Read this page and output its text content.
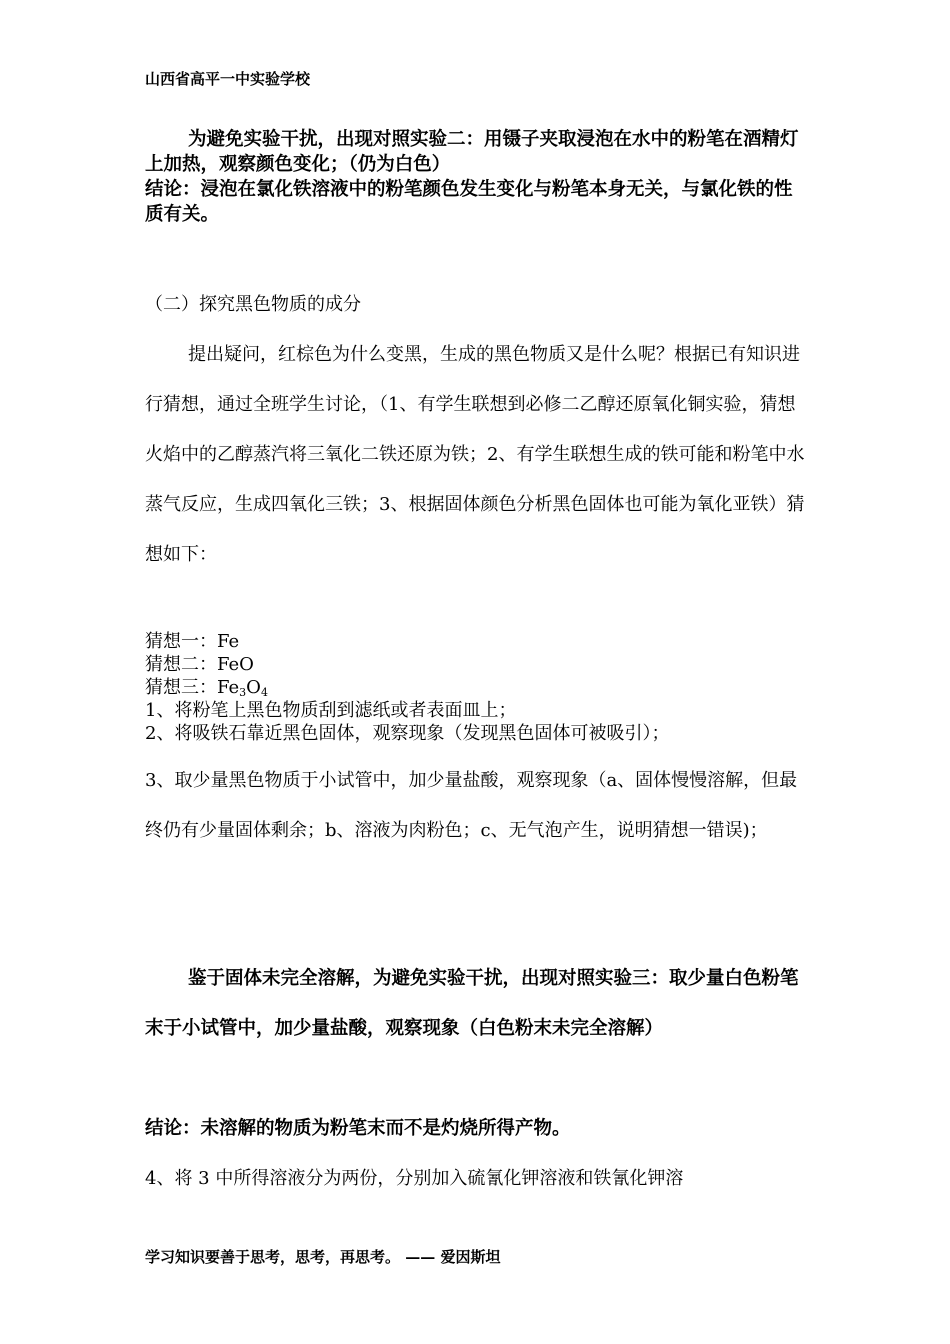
山西省高平一中实验学校

为避免实验干扰，出现对照实验二：用镊子夹取浸泡在水中的粉笔在酒精灯上加热，观察颜色变化；（仍为白色）

结论：浸泡在氯化铁溶液中的粉笔颜色发生变化与粉笔本身无关，与氯化铁的性质有关。

（二）探究黑色物质的成分
提出疑问，红棕色为什么变黑，生成的黑色物质又是什么呢？根据已有知识进行猜想，通过全班学生讨论，（1、有学生联想到必修二乙醇还原氧化铜实验，猜想火焰中的乙醇蒸汽将三氧化二铁还原为铁；2、有学生联想生成的铁可能和粉笔中水蒸气反应，生成四氧化三铁；3、根据固体颜色分析黑色固体也可能为氧化亚铁）猜想如下：

猜想一：Fe

猜想二：FeO

猜想三：$Fe_3O_4$

1、将粉笔上黑色物质刮到滤纸或者表面皿上；

2、将吸铁石靠近黑色固体，观察现象（发现黑色固体可被吸引）；

3、取少量黑色物质于小试管中，加少量盐酸，观察现象（a、固体慢慢溶解，但最终仍有少量固体剩余；b、溶液为肉粉色；c、无气泡产生，说明猜想一错误)；
鉴于固体未完全溶解，为避免实验干扰，出现对照实验三：取少量白色粉笔末于小试管中，加少量盐酸，观察现象（白色粉末未完全溶解）
结论：未溶解的物质为粉笔末而不是灼烧所得产物。
4、将 3 中所得溶液分为两份，分别加入硫氰化钾溶液和铁氰化钾溶
学习知识要善于思考，思考，再思考。 —— 爱因斯坦
